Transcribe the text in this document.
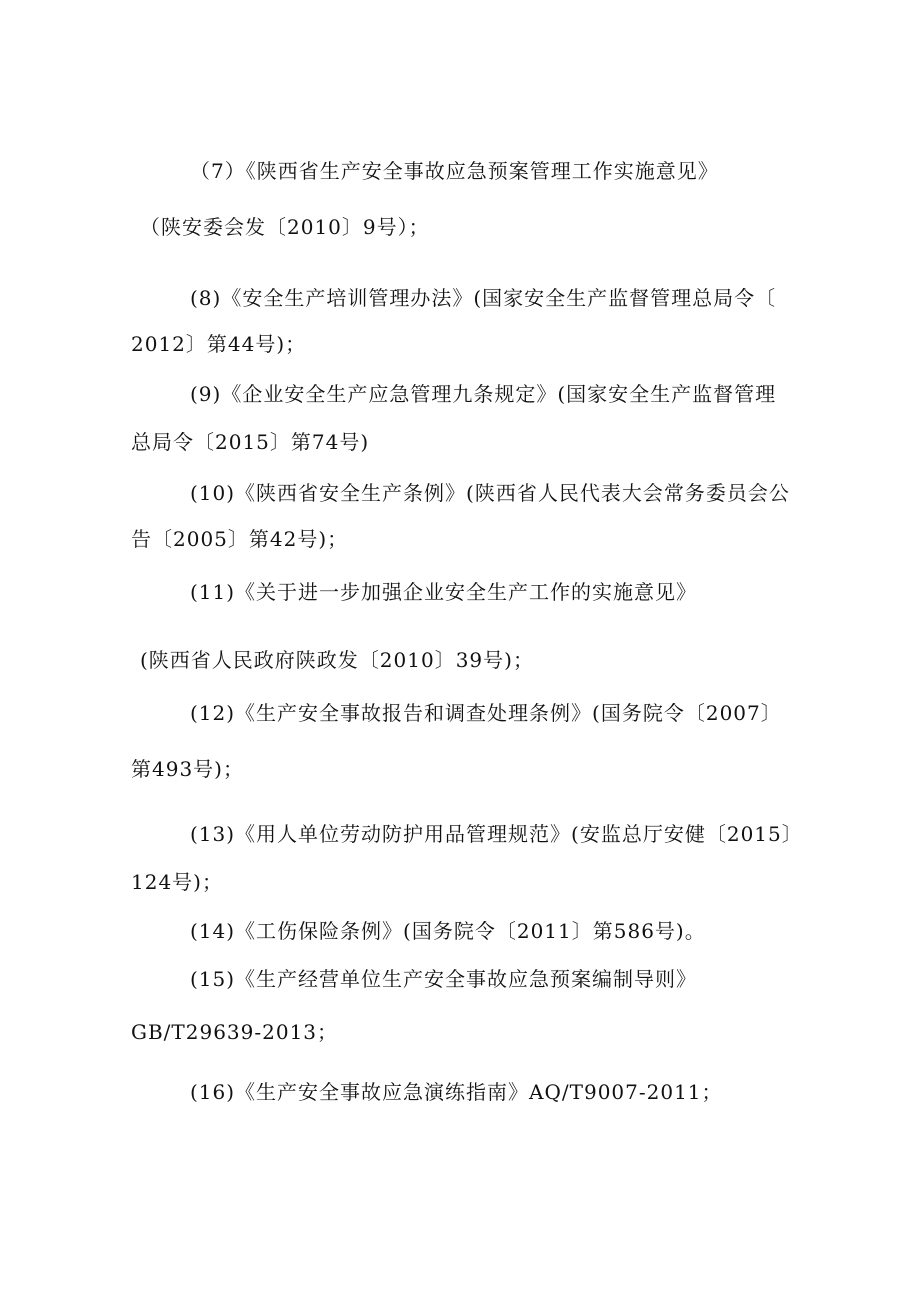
（7）《陕西省生产安全事故应急预案管理工作实施意见》
（陕安委会发〔2010〕9号）；
(8)《安全生产培训管理办法》(国家安全生产监督管理总局令〔
2012〕第44号)；
(9)《企业安全生产应急管理九条规定》(国家安全生产监督管理
总局令〔2015〕第74号)
(10)《陕西省安全生产条例》(陕西省人民代表大会常务委员会公
告〔2005〕第42号)；
(11)《关于进一步加强企业安全生产工作的实施意见》
(陕西省人民政府陕政发〔2010〕39号)；
(12)《生产安全事故报告和调查处理条例》(国务院令〔2007〕
第493号)；
(13)《用人单位劳动防护用品管理规范》(安监总厅安健〔2015〕
124号)；
(14)《工伤保险条例》(国务院令〔2011〕第586号)。
(15)《生产经营单位生产安全事故应急预案编制导则》
GB/T29639-2013；
(16)《生产安全事故应急演练指南》AQ/T9007-2011；
